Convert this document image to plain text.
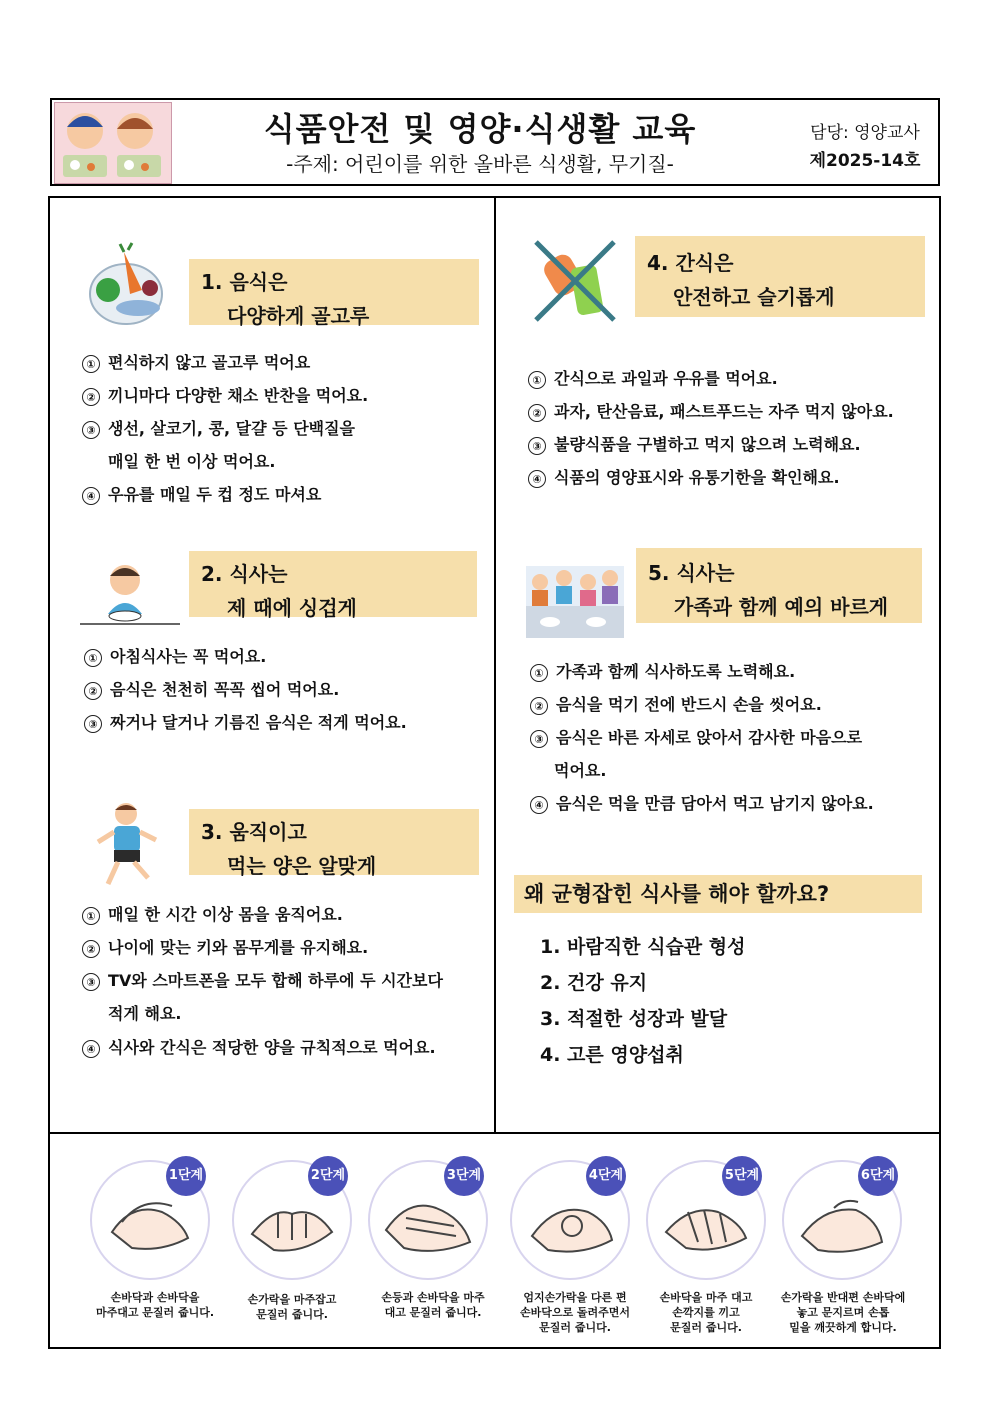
식품안전 및 영양·식생활 교육
-주제: 어린이를 위한 올바른 식생활, 무기질-
담당: 영양교사
제2025-14호
1. 음식은
다양하게 골고루
① 편식하지 않고 골고루 먹어요
② 끼니마다 다양한 채소 반찬을 먹어요.
③ 생선, 살코기, 콩, 달걀 등 단백질을
매일 한 번 이상 먹어요.
④ 우유를 매일 두 컵 정도 마셔요
2. 식사는
제 때에 싱겁게
① 아침식사는 꼭 먹어요.
② 음식은 천천히 꼭꼭 씹어 먹어요.
③ 짜거나 달거나 기름진 음식은 적게 먹어요.
3. 움직이고
먹는 양은 알맞게
① 매일 한 시간 이상 몸을 움직어요.
② 나이에 맞는 키와 몸무게를 유지해요.
③ TV와 스마트폰을 모두 합해 하루에 두 시간보다
적게 해요.
④ 식사와 간식은 적당한 양을 규칙적으로 먹어요.
4. 간식은
안전하고 슬기롭게
① 간식으로 과일과 우유를 먹어요.
② 과자, 탄산음료, 패스트푸드는 자주 먹지 않아요.
③ 불량식품을 구별하고 먹지 않으려 노력해요.
④ 식품의 영양표시와 유통기한을 확인해요.
5. 식사는
가족과 함께 예의 바르게
① 가족과 함께 식사하도록 노력해요.
② 음식을 먹기 전에 반드시 손을 씻어요.
③ 음식은 바른 자세로 앉아서 감사한 마음으로
먹어요.
④ 음식은 먹을 만큼 담아서 먹고 남기지 않아요.
왜 균형잡힌 식사를 해야 할까요?
1. 바람직한 식습관 형성
2. 건강 유지
3. 적절한 성장과 발달
4. 고른 영양섭취
1단계
손바닥과 손바닥을
마주대고 문질러 줍니다.
2단계
손가락을 마주잡고
문질러 줍니다.
3단계
손등과 손바닥을 마주
대고 문질러 줍니다.
4단계
엄지손가락을 다른 편
손바닥으로 돌려주면서
문질러 줍니다.
5단계
손바닥을 마주 대고
손깍지를 끼고
문질러 줍니다.
6단계
손가락을 반대편 손바닥에
놓고 문지르며 손톱
밑을 깨끗하게 합니다.
